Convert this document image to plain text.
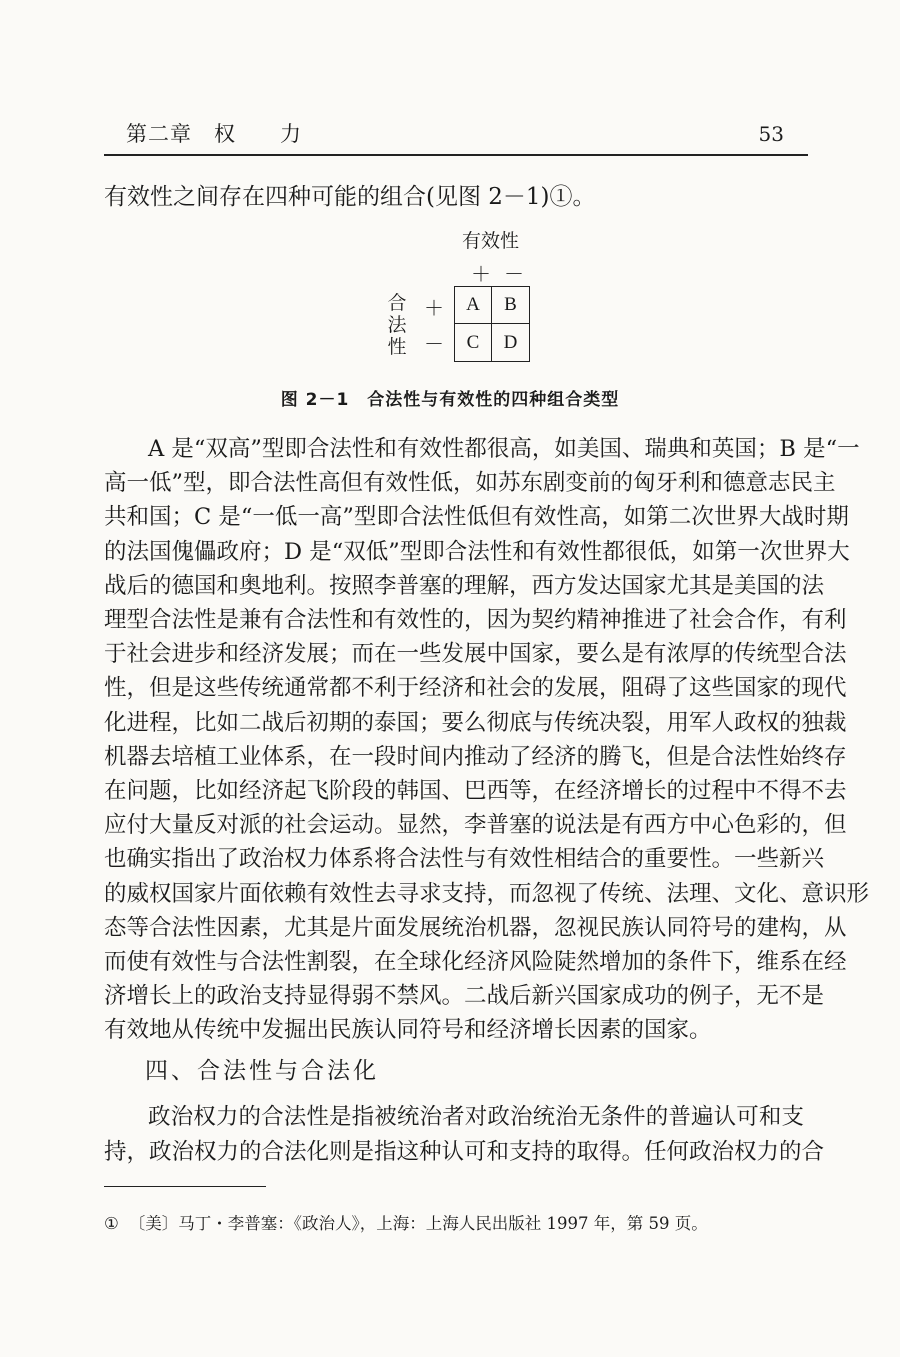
第二章　权　　力	53
有效性之间存在四种可能的组合(见图 2－1)①。
有效性
＋ －
合
法
性
＋
－
A	B
C	D
图 2－1　合法性与有效性的四种组合类型
A 是“双高”型即合法性和有效性都很高，如美国、瑞典和英国；B 是“一
高一低”型，即合法性高但有效性低，如苏东剧变前的匈牙利和德意志民主
共和国；C 是“一低一高”型即合法性低但有效性高，如第二次世界大战时期
的法国傀儡政府；D 是“双低”型即合法性和有效性都很低，如第一次世界大
战后的德国和奥地利。按照李普塞的理解，西方发达国家尤其是美国的法
理型合法性是兼有合法性和有效性的，因为契约精神推进了社会合作，有利
于社会进步和经济发展；而在一些发展中国家，要么是有浓厚的传统型合法
性，但是这些传统通常都不利于经济和社会的发展，阻碍了这些国家的现代
化进程，比如二战后初期的泰国；要么彻底与传统决裂，用军人政权的独裁
机器去培植工业体系，在一段时间内推动了经济的腾飞，但是合法性始终存
在问题，比如经济起飞阶段的韩国、巴西等，在经济增长的过程中不得不去
应付大量反对派的社会运动。显然，李普塞的说法是有西方中心色彩的，但
也确实指出了政治权力体系将合法性与有效性相结合的重要性。一些新兴
的威权国家片面依赖有效性去寻求支持，而忽视了传统、法理、文化、意识形
态等合法性因素，尤其是片面发展统治机器，忽视民族认同符号的建构，从
而使有效性与合法性割裂，在全球化经济风险陡然增加的条件下，维系在经
济增长上的政治支持显得弱不禁风。二战后新兴国家成功的例子，无不是
有效地从传统中发掘出民族认同符号和经济增长因素的国家。
四、合法性与合法化
政治权力的合法性是指被统治者对政治统治无条件的普遍认可和支
持，政治权力的合法化则是指这种认可和支持的取得。任何政治权力的合
① 〔美〕马丁・李普塞：《政治人》，上海：上海人民出版社 1997 年，第 59 页。
